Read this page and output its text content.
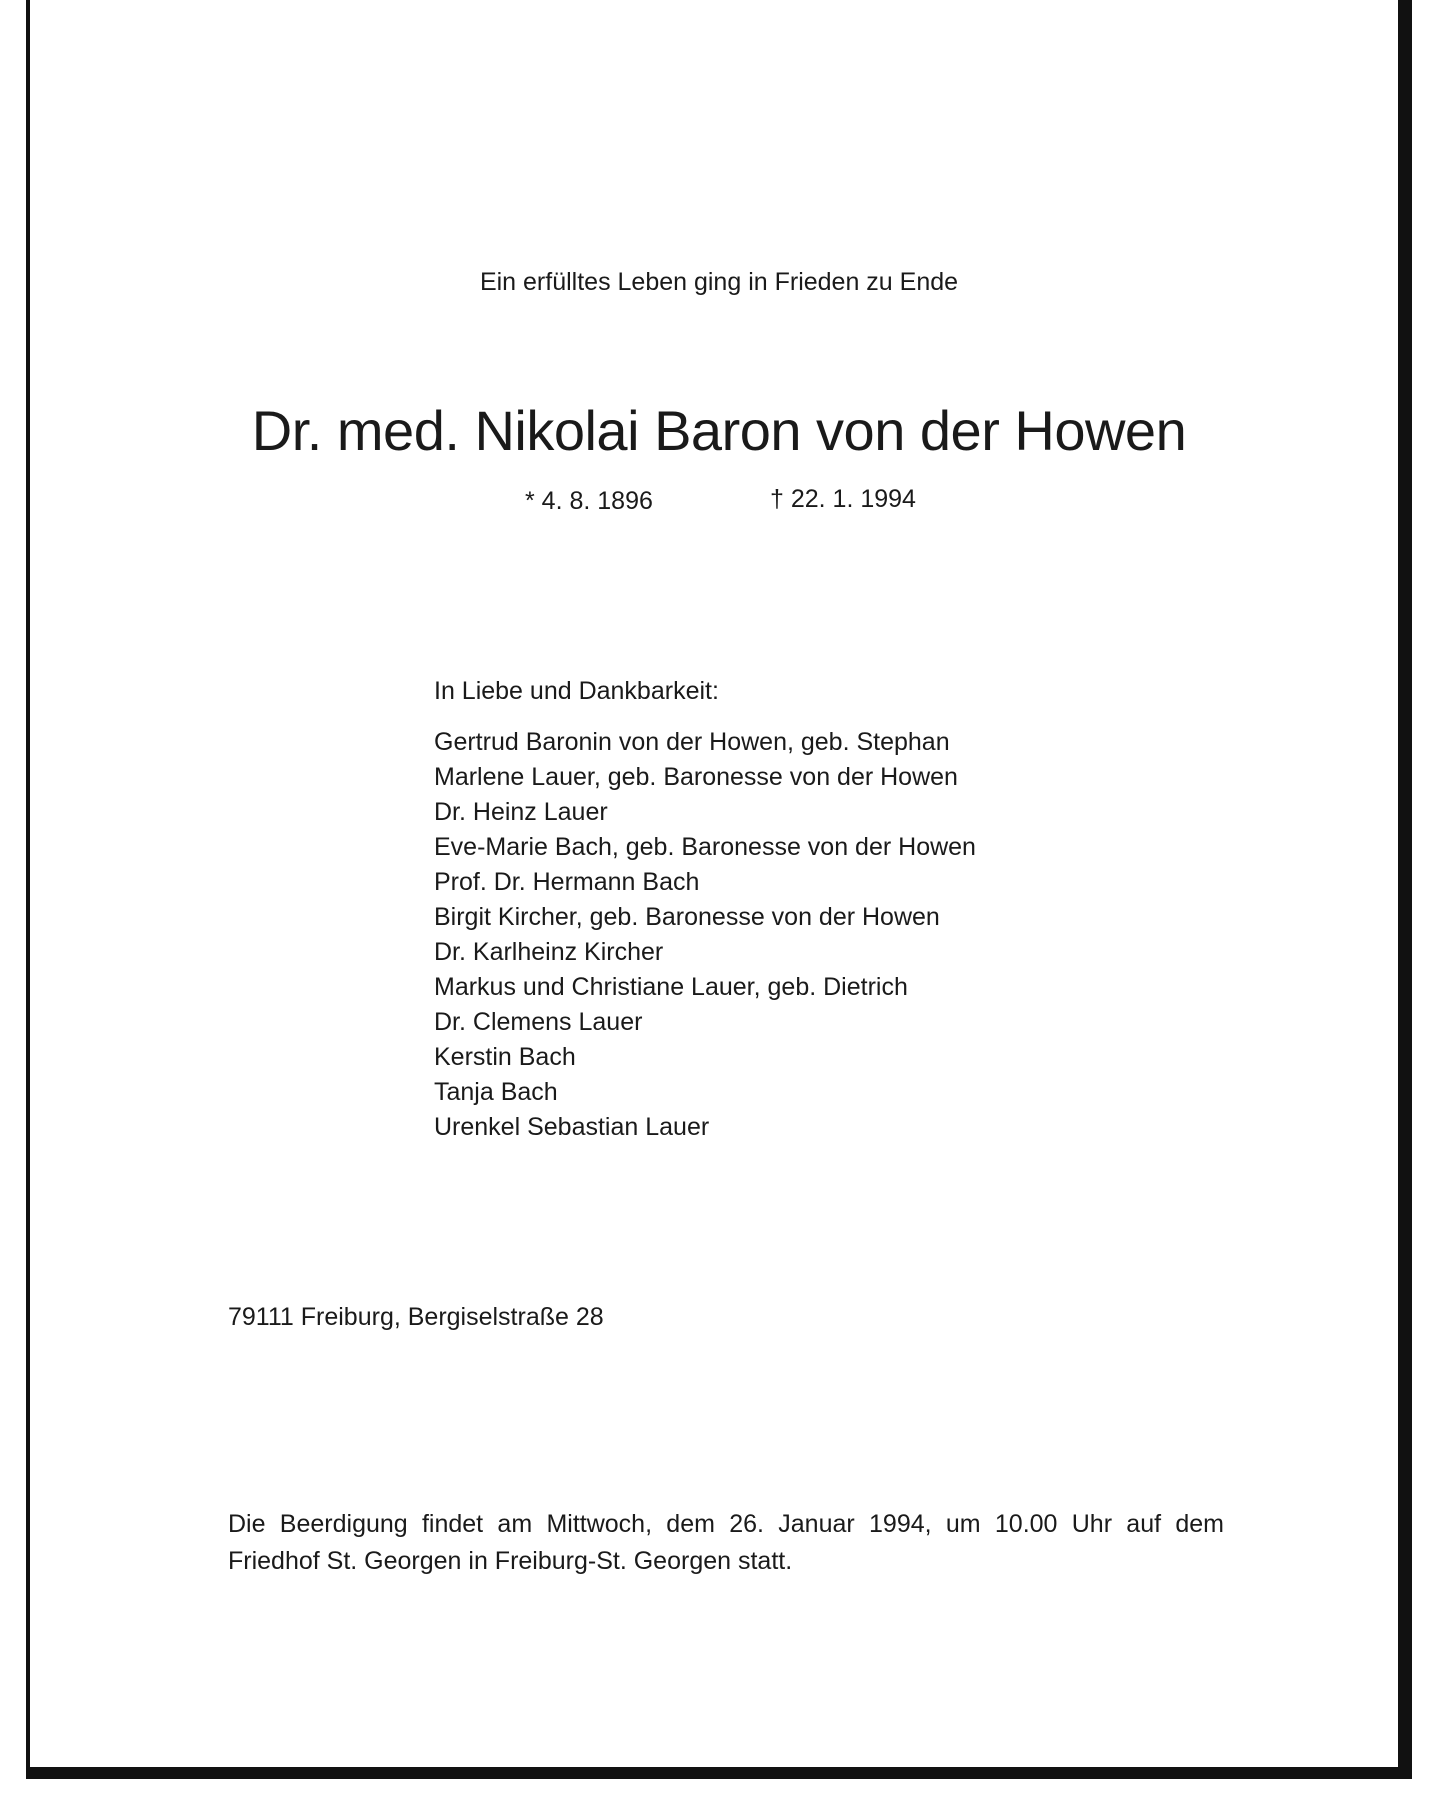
Ein erfülltes Leben ging in Frieden zu Ende
Dr. med. Nikolai Baron von der Howen
* 4. 8. 1896	† 22. 1. 1994
In Liebe und Dankbarkeit:
Gertrud Baronin von der Howen, geb. Stephan
Marlene Lauer, geb. Baronesse von der Howen
Dr. Heinz Lauer
Eve-Marie Bach, geb. Baronesse von der Howen
Prof. Dr. Hermann Bach
Birgit Kircher, geb. Baronesse von der Howen
Dr. Karlheinz Kircher
Markus und Christiane Lauer, geb. Dietrich
Dr. Clemens Lauer
Kerstin Bach
Tanja Bach
Urenkel Sebastian Lauer
79111 Freiburg, Bergiselstraße 28
Die Beerdigung findet am Mittwoch, dem 26. Januar 1994, um 10.00 Uhr auf dem
Friedhof St. Georgen in Freiburg-St. Georgen statt.
